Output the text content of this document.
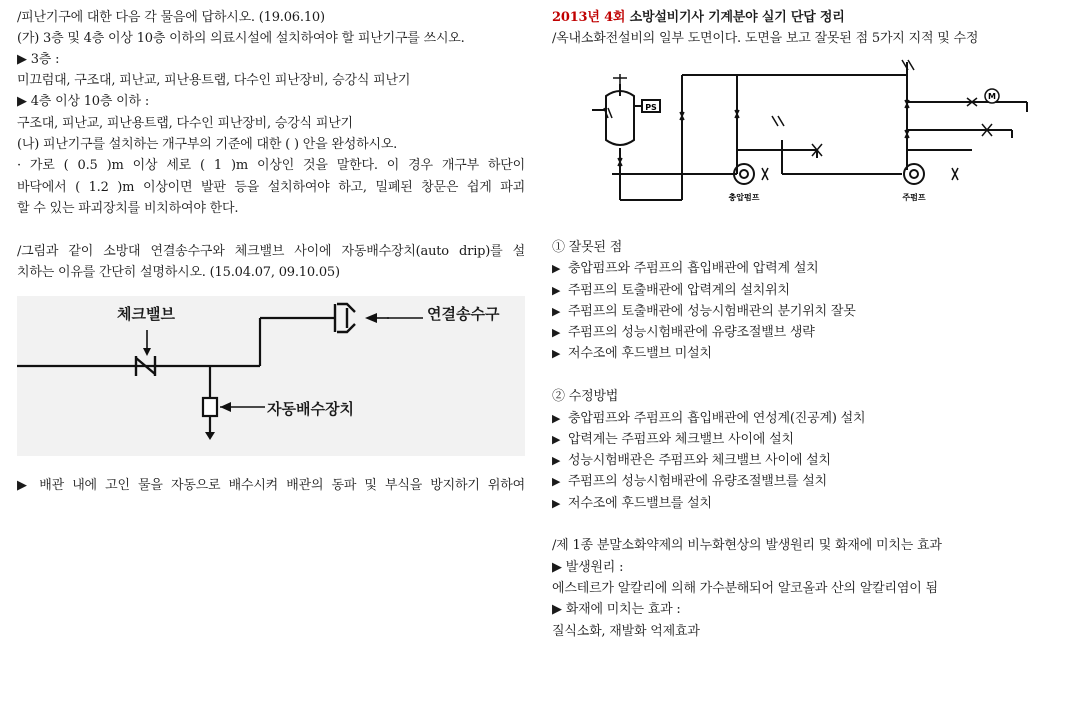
/피난기구에 대한 다음 각 물음에 답하시오. (19.06.10)
(가) 3층 및 4층 이상 10층 이하의 의료시설에 설치하여야 할 피난기구를 쓰시오.
▶ 3층 :
미끄럼대, 구조대, 피난교, 피난용트랩, 다수인 피난장비, 승강식 피난기
▶ 4층 이상 10층 이하 :
구조대, 피난교, 피난용트랩, 다수인 피난장비, 승강식 피난기
(나) 피난기구를 설치하는 개구부의 기준에 대한 ( ) 안을 완성하시오.
· 가로 ( 0.5 )m 이상 세로 ( 1 )m 이상인 것을 말한다. 이 경우 개구부 하단이
바닥에서 ( 1.2 )m 이상이면 발판 등을 설치하여야 하고, 밀폐된 창문은 쉽게 파괴
할 수 있는 파괴장치를 비치하여야 한다.
/그림과 같이 소방대 연결송수구와 체크밸브 사이에 자동배수장치(auto drip)를 설
치하는 이유를 간단히 설명하시오. (15.04.07, 09.10.05)
체크밸브	연결송수구
자동배수장치
▶ 배관 내에 고인 물을 자동으로 배수시켜 배관의 동파 및 부식을 방지하기 위하여
2013년 4회 소방설비기사 기계분야 실기 단답 정리
/옥내소화전설비의 일부 도면이다. 도면을 보고 잘못된 점 5가지 지적 및 수정
M
PS
충압펌프	주펌프
① 잘못된 점
▶ 충압펌프와 주펌프의 흡입배관에 압력계 설치
▶ 주펌프의 토출배관에 압력계의 설치위치
▶ 주펌프의 토출배관에 성능시험배관의 분기위치 잘못
▶ 주펌프의 성능시험배관에 유량조절밸브 생략
▶ 저수조에 후드밸브 미설치
② 수정방법
▶ 충압펌프와 주펌프의 흡입배관에 연성계(진공계) 설치
▶ 압력계는 주펌프와 체크밸브 사이에 설치
▶ 성능시험배관은 주펌프와 체크밸브 사이에 설치
▶ 주펌프의 성능시험배관에 유량조절밸브를 설치
▶ 저수조에 후드밸브를 설치
/제 1종 분말소화약제의 비누화현상의 발생원리 및 화재에 미치는 효과
▶ 발생원리 :
에스테르가 알칼리에 의해 가수분해되어 알코올과 산의 알칼리염이 됨
▶ 화재에 미치는 효과 :
질식소화, 재발화 억제효과
